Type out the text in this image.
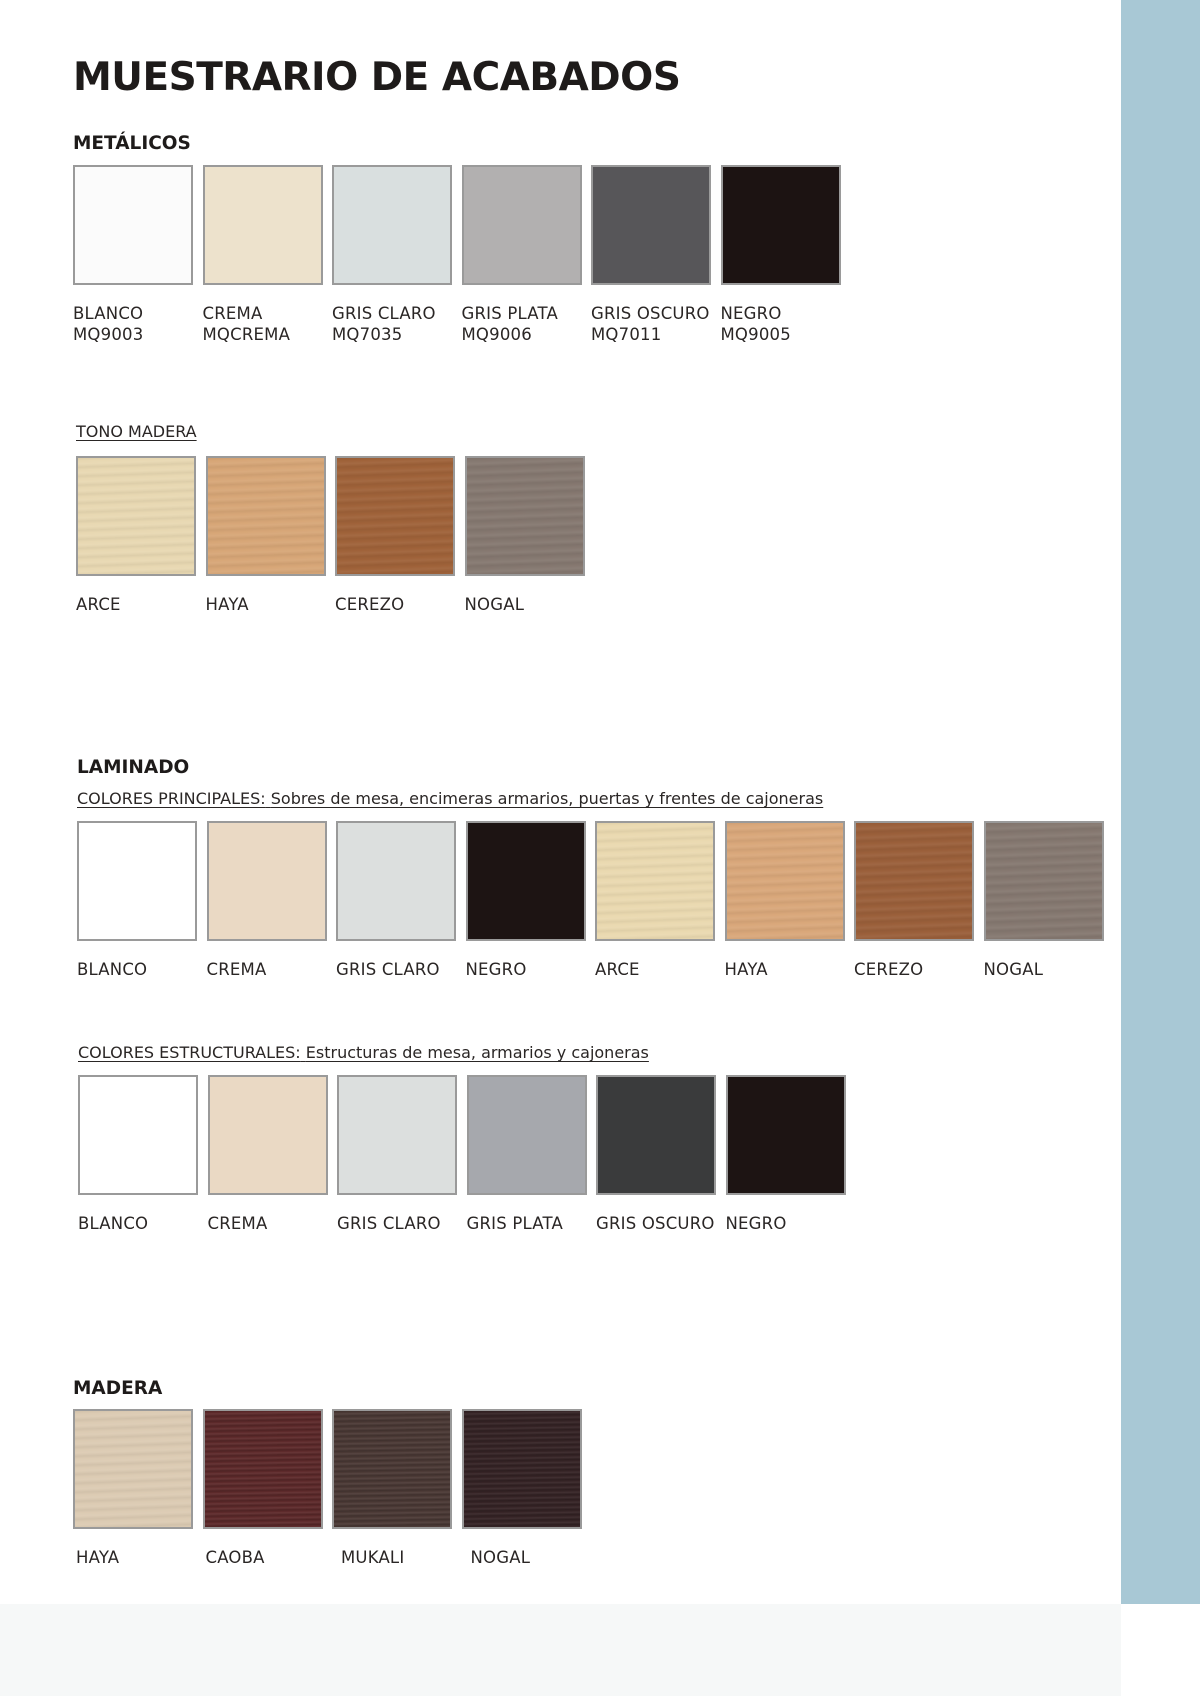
MUESTRARIO DE ACABADOS
METÁLICOS
BLANCO
MQ9003
CREMA
MQCREMA
GRIS CLARO
MQ7035
GRIS PLATA
MQ9006
GRIS OSCURO
MQ7011
NEGRO
MQ9005

TONO MADERA

ARCE	HAYA	CEREZO	NOGAL
LAMINADO

COLORES PRINCIPALES: Sobres de mesa, encimeras armarios, puertas y frentes de cajoneras

BLANCO	CREMA	GRIS CLARO	NEGRO	ARCE	HAYA	CEREZO	NOGAL

COLORES ESTRUCTURALES: Estructuras de mesa, armarios y cajoneras

BLANCO	CREMA	GRIS CLARO	GRIS PLATA	GRIS OSCURO NEGRO
MADERA
HAYA	CAOBA	MUKALI	NOGAL
